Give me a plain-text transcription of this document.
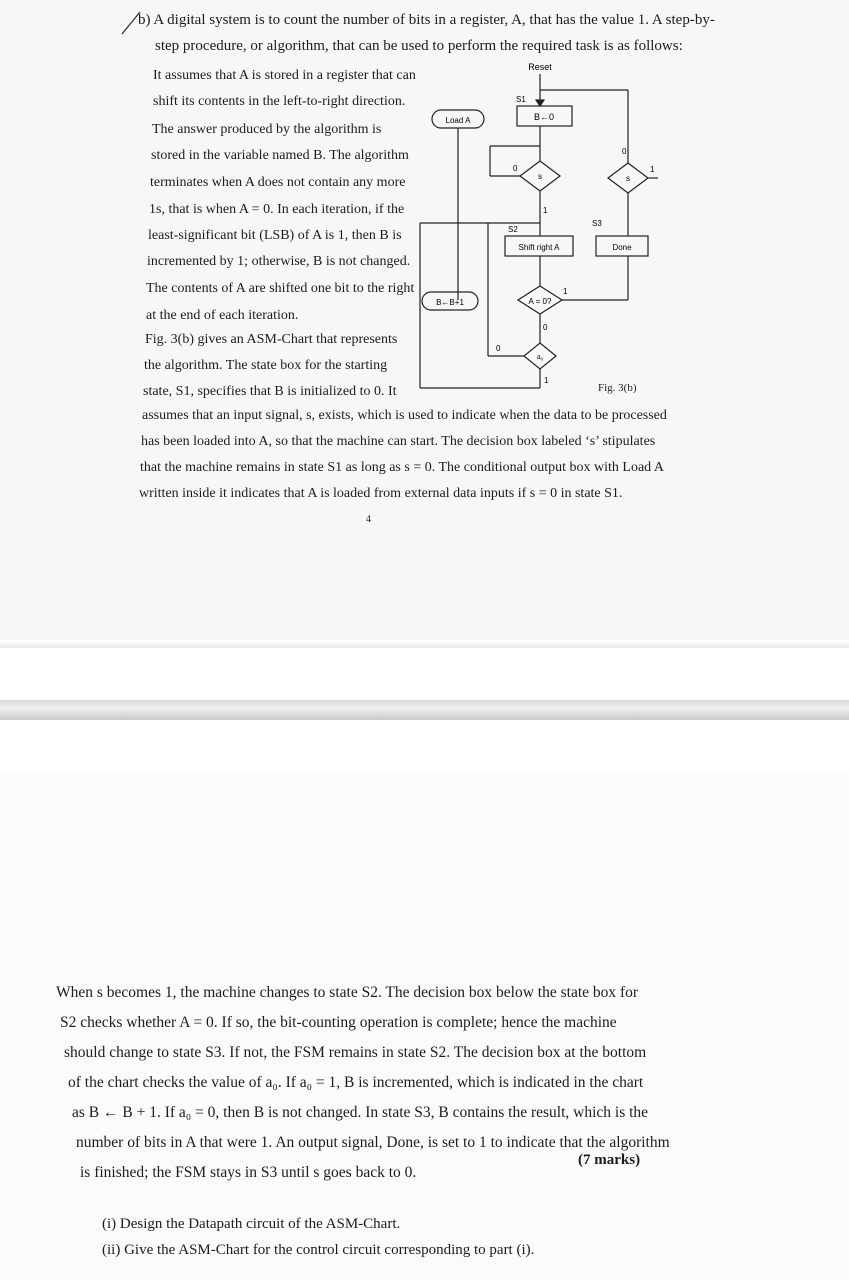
b) A digital system is to count the number of bits in a register, A, that has the value 1. A step-by-
step procedure, or algorithm, that can be used to perform the required task is as follows:
It assumes that A is stored in a register that can
shift its contents in the left-to-right direction.
The answer produced by the algorithm is
stored in the variable named B. The algorithm
terminates when A does not contain any more
1s, that is when A = 0. In each iteration, if the
least-significant bit (LSB) of A is 1, then B is
incremented by 1; otherwise, B is not changed.
The contents of A are shifted one bit to the right
at the end of each iteration.
Fig. 3(b) gives an ASM-Chart that represents
the algorithm. The state box for the starting
state, S1, specifies that B is initialized to 0. It
Reset
S1
B←0
Load A
s
0
1
S2
Shift right A
A = 0?
1
0
a₀
0
1
B←B+1
S3
0
1
s
Done
Fig. 3(b)
assumes that an input signal, s, exists, which is used to indicate when the data to be processed
has been loaded into A, so that the machine can start. The decision box labeled ‘s’ stipulates
that the machine remains in state S1 as long as s = 0. The conditional output box with Load A
written inside it indicates that A is loaded from external data inputs if s = 0 in state S1.
4
When s becomes 1, the machine changes to state S2. The decision box below the state box for
S2 checks whether A = 0. If so, the bit-counting operation is complete; hence the machine
should change to state S3. If not, the FSM remains in state S2. The decision box at the bottom
of the chart checks the value of a₀. If a₀ = 1, B is incremented, which is indicated in the chart
as B ← B + 1. If a₀ = 0, then B is not changed. In state S3, B contains the result, which is the
number of bits in A that were 1. An output signal, Done, is set to 1 to indicate that the algorithm
is finished; the FSM stays in S3 until s goes back to 0.
(7 marks)
(i) Design the Datapath circuit of the ASM-Chart.
(ii) Give the ASM-Chart for the control circuit corresponding to part (i).
